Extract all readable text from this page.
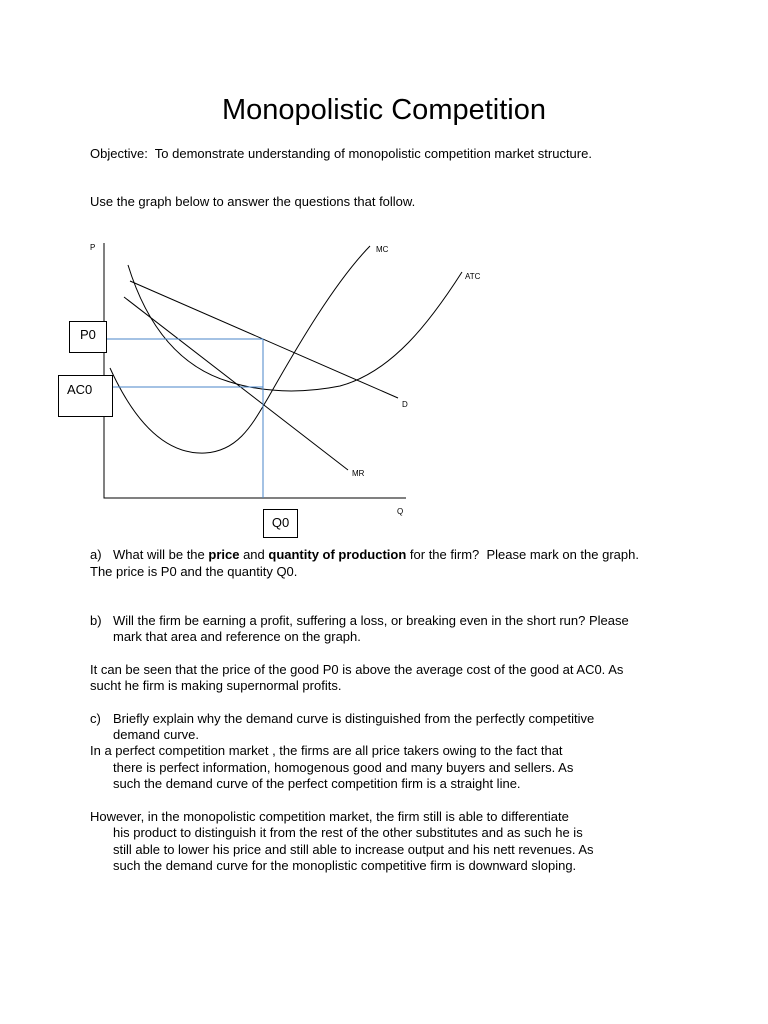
Monopolistic Competition
Objective:  To demonstrate understanding of monopolistic competition market structure.
Use the graph below to answer the questions that follow.
P
Q
MC
ATC
D
MR
P0
AC0
Q0
a) What will be the price and quantity of production for the firm?  Please mark on the graph.
The price is P0 and the quantity Q0.
b) Will the firm be earning a profit, suffering a loss, or breaking even in the short run? Please
mark that area and reference on the graph.
It can be seen that the price of the good P0 is above the average cost of the good at AC0. As
sucht he firm is making supernormal profits.
c) Briefly explain why the demand curve is distinguished from the perfectly competitive
demand curve.
In a perfect competition market , the firms are all price takers owing to the fact that
there is perfect information, homogenous good and many buyers and sellers. As
such the demand curve of the perfect competition firm is a straight line.
However, in the monopolistic competition market, the firm still is able to differentiate
his product to distinguish it from the rest of the other substitutes and as such he is
still able to lower his price and still able to increase output and his nett revenues. As
such the demand curve for the monoplistic competitive firm is downward sloping.
